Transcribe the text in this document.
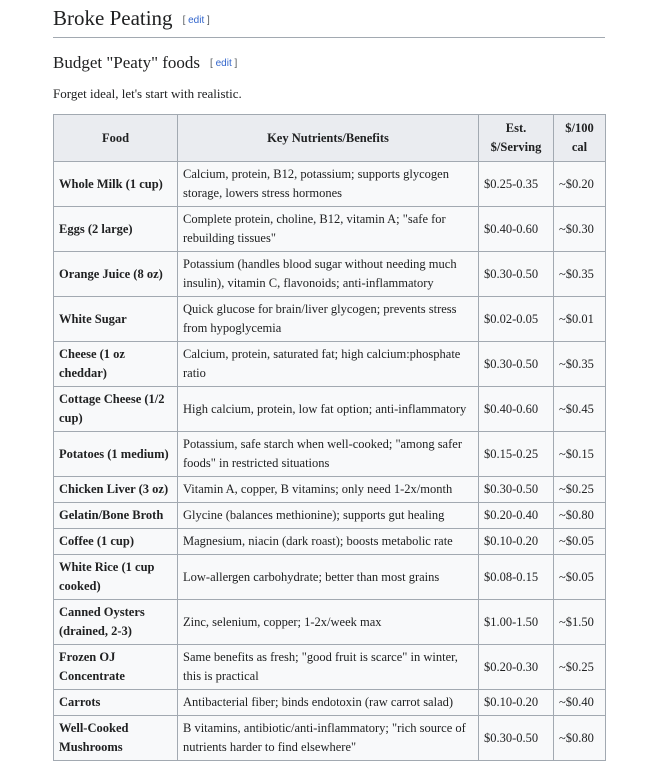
Broke Peating [ edit ]
Budget "Peaty" foods [ edit ]

Forget ideal, let's start with realistic.

Food	Key Nutrients/Benefits	Est. $/Serving	$/100 cal
Whole Milk (1 cup)	Calcium, protein, B12, potassium; supports glycogen storage, lowers stress hormones	$0.25-0.35	~$0.20
Eggs (2 large)	Complete protein, choline, B12, vitamin A; "safe for rebuilding tissues"	$0.40-0.60	~$0.30
Orange Juice (8 oz)	Potassium (handles blood sugar without needing much insulin), vitamin C, flavonoids; anti-inflammatory	$0.30-0.50	~$0.35
White Sugar	Quick glucose for brain/liver glycogen; prevents stress from hypoglycemia	$0.02-0.05	~$0.01
Cheese (1 oz cheddar)	Calcium, protein, saturated fat; high calcium:phosphate ratio	$0.30-0.50	~$0.35
Cottage Cheese (1/2 cup)	High calcium, protein, low fat option; anti-inflammatory	$0.40-0.60	~$0.45
Potatoes (1 medium)	Potassium, safe starch when well-cooked; "among safer foods" in restricted situations	$0.15-0.25	~$0.15
Chicken Liver (3 oz)	Vitamin A, copper, B vitamins; only need 1-2x/month	$0.30-0.50	~$0.25
Gelatin/Bone Broth	Glycine (balances methionine); supports gut healing	$0.20-0.40	~$0.80
Coffee (1 cup)	Magnesium, niacin (dark roast); boosts metabolic rate	$0.10-0.20	~$0.05
White Rice (1 cup cooked)	Low-allergen carbohydrate; better than most grains	$0.08-0.15	~$0.05
Canned Oysters (drained, 2-3)	Zinc, selenium, copper; 1-2x/week max	$1.00-1.50	~$1.50
Frozen OJ Concentrate	Same benefits as fresh; "good fruit is scarce" in winter, this is practical	$0.20-0.30	~$0.25
Carrots	Antibacterial fiber; binds endotoxin (raw carrot salad)	$0.10-0.20	~$0.40
Well-Cooked Mushrooms	B vitamins, antibiotic/anti-inflammatory; "rich source of nutrients harder to find elsewhere"	$0.30-0.50	~$0.80
